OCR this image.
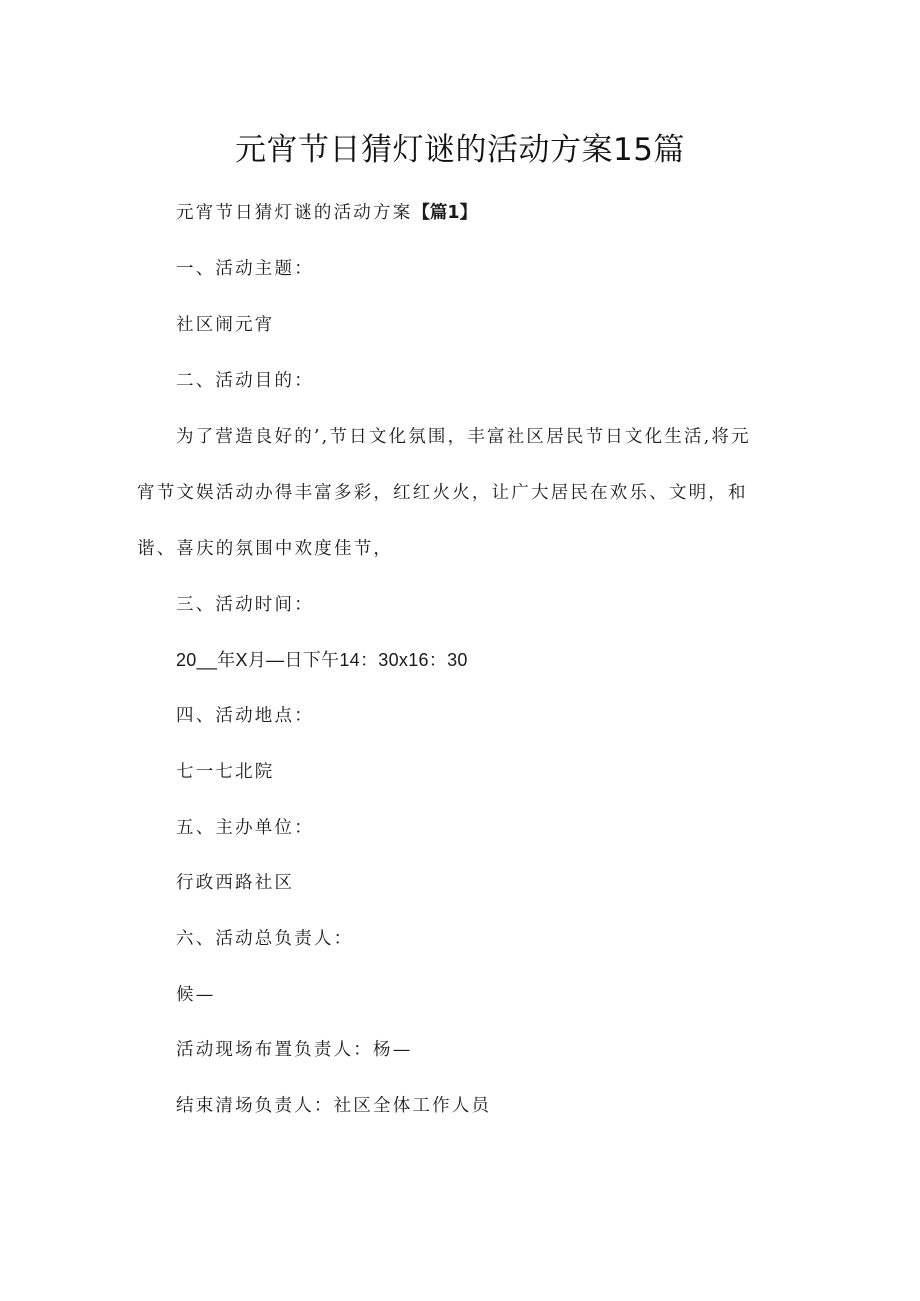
元宵节日猜灯谜的活动方案15篇

元宵节日猜灯谜的活动方案【篇1】

一、活动主题：

社区闹元宵

二、活动目的：

为了营造良好的’,节日文化氛围，丰富社区居民节日文化生活,将元

宵节文娱活动办得丰富多彩，红红火火，让广大居民在欢乐、文明，和

谐、喜庆的氛围中欢度佳节，

三、活动时间：

20__年X月—日下午14：30x16：30

四、活动地点：

七一七北院

五、主办单位：

行政西路社区

六、活动总负责人：

候—

活动现场布置负责人：杨—

结束清场负责人：社区全体工作人员
